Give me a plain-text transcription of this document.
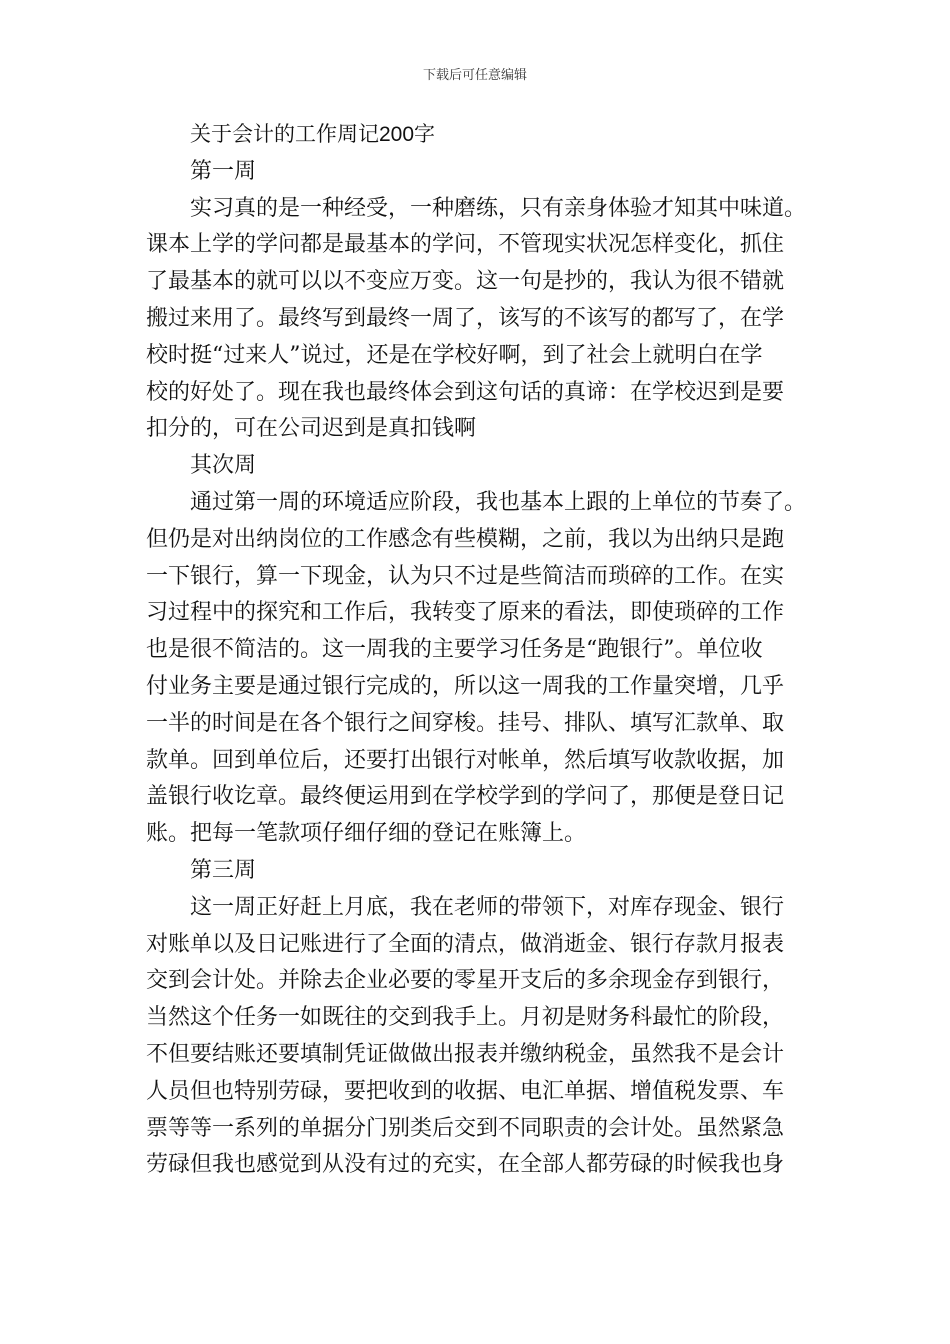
下载后可任意编辑
关于会计的工作周记200字
第一周
实习真的是一种经受，一种磨练，只有亲身体验才知其中味道。
课本上学的学问都是最基本的学问，不管现实状况怎样变化，抓住
了最基本的就可以以不变应万变。这一句是抄的，我认为很不错就
搬过来用了。最终写到最终一周了，该写的不该写的都写了，在学
校时挺“过来人”说过，还是在学校好啊，到了社会上就明白在学
校的好处了。现在我也最终体会到这句话的真谛：在学校迟到是要
扣分的，可在公司迟到是真扣钱啊
其次周
通过第一周的环境适应阶段，我也基本上跟的上单位的节奏了。
但仍是对出纳岗位的工作感念有些模糊，之前，我以为出纳只是跑
一下银行，算一下现金，认为只不过是些简洁而琐碎的工作。在实
习过程中的探究和工作后，我转变了原来的看法，即使琐碎的工作
也是很不简洁的。这一周我的主要学习任务是“跑银行”。单位收
付业务主要是通过银行完成的，所以这一周我的工作量突增，几乎
一半的时间是在各个银行之间穿梭。挂号、排队、填写汇款单、取
款单。回到单位后，还要打出银行对帐单，然后填写收款收据，加
盖银行收讫章。最终便运用到在学校学到的学问了，那便是登日记
账。把每一笔款项仔细仔细的登记在账簿上。
第三周
这一周正好赶上月底，我在老师的带领下，对库存现金、银行
对账单以及日记账进行了全面的清点，做消逝金、银行存款月报表
交到会计处。并除去企业必要的零星开支后的多余现金存到银行，
当然这个任务一如既往的交到我手上。月初是财务科最忙的阶段，
不但要结账还要填制凭证做做出报表并缴纳税金，虽然我不是会计
人员但也特别劳碌，要把收到的收据、电汇单据、增值税发票、车
票等等一系列的单据分门别类后交到不同职责的会计处。虽然紧急
劳碌但我也感觉到从没有过的充实，在全部人都劳碌的时候我也身
